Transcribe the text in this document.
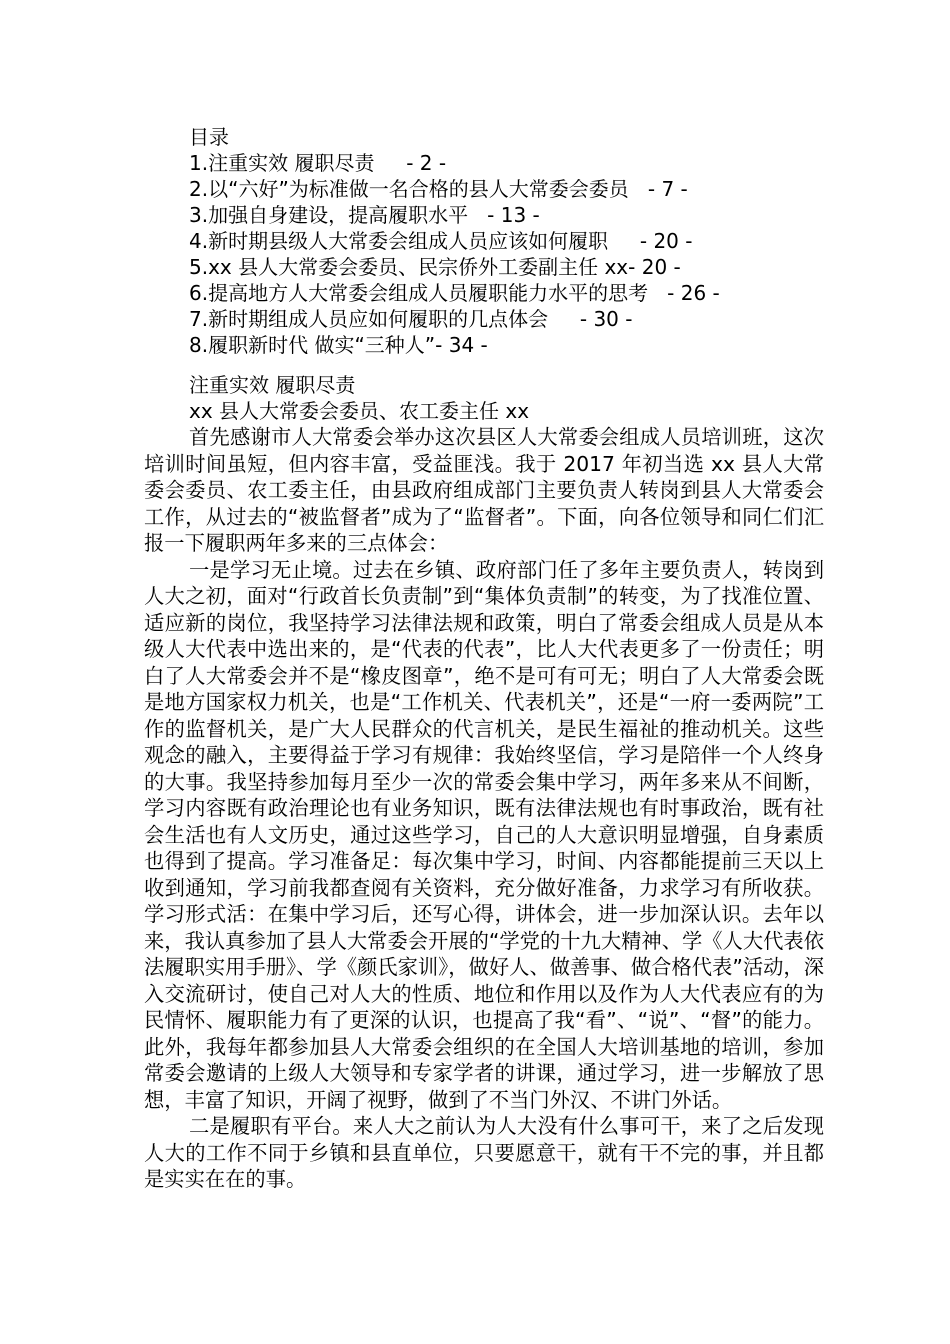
目录
1.注重实效 履职尽责     - 2 -
2.以“六好”为标准做一名合格的县人大常委会委员   - 7 -
3.加强自身建设，提高履职水平   - 13 -
4.新时期县级人大常委会组成人员应该如何履职     - 20 -
5.xx 县人大常委会委员、民宗侨外工委副主任 xx- 20 -
6.提高地方人大常委会组成人员履职能力水平的思考   - 26 -
7.新时期组成人员应如何履职的几点体会     - 30 -
8.履职新时代 做实“三种人”- 34 -
注重实效 履职尽责
xx 县人大常委会委员、农工委主任 xx

首先感谢市人大常委会举办这次县区人大常委会组成人员培训班，这次培训时间虽短，但内容丰富，受益匪浅。我于 2017 年初当选 xx 县人大常委会委员、农工委主任，由县政府组成部门主要负责人转岗到县人大常委会工作，从过去的“被监督者”成为了“监督者”。下面，向各位领导和同仁们汇报一下履职两年多来的三点体会：

一是学习无止境。过去在乡镇、政府部门任了多年主要负责人，转岗到人大之初，面对“行政首长负责制”到“集体负责制”的转变，为了找准位置、适应新的岗位，我坚持学习法律法规和政策，明白了常委会组成人员是从本级人大代表中选出来的，是“代表的代表”，比人大代表更多了一份责任；明白了人大常委会并不是“橡皮图章”，绝不是可有可无；明白了人大常委会既是地方国家权力机关，也是“工作机关、代表机关”，还是“一府一委两院”工作的监督机关，是广大人民群众的代言机关，是民生福祉的推动机关。这些观念的融入，主要得益于学习有规律：我始终坚信，学习是陪伴一个人终身的大事。我坚持参加每月至少一次的常委会集中学习，两年多来从不间断，学习内容既有政治理论也有业务知识，既有法律法规也有时事政治，既有社会生活也有人文历史，通过这些学习，自己的人大意识明显增强，自身素质也得到了提高。学习准备足：每次集中学习，时间、内容都能提前三天以上收到通知，学习前我都查阅有关资料，充分做好准备，力求学习有所收获。学习形式活：在集中学习后，还写心得，讲体会，进一步加深认识。去年以来，我认真参加了县人大常委会开展的“学党的十九大精神、学《人大代表依法履职实用手册》、学《颜氏家训》，做好人、做善事、做合格代表”活动，深入交流研讨，使自己对人大的性质、地位和作用以及作为人大代表应有的为民情怀、履职能力有了更深的认识，也提高了我“看”、“说”、“督”的能力。此外，我每年都参加县人大常委会组织的在全国人大培训基地的培训，参加常委会邀请的上级人大领导和专家学者的讲课，通过学习，进一步解放了思想，丰富了知识，开阔了视野，做到了不当门外汉、不讲门外话。

二是履职有平台。来人大之前认为人大没有什么事可干，来了之后发现人大的工作不同于乡镇和县直单位，只要愿意干，就有干不完的事，并且都是实实在在的事。
